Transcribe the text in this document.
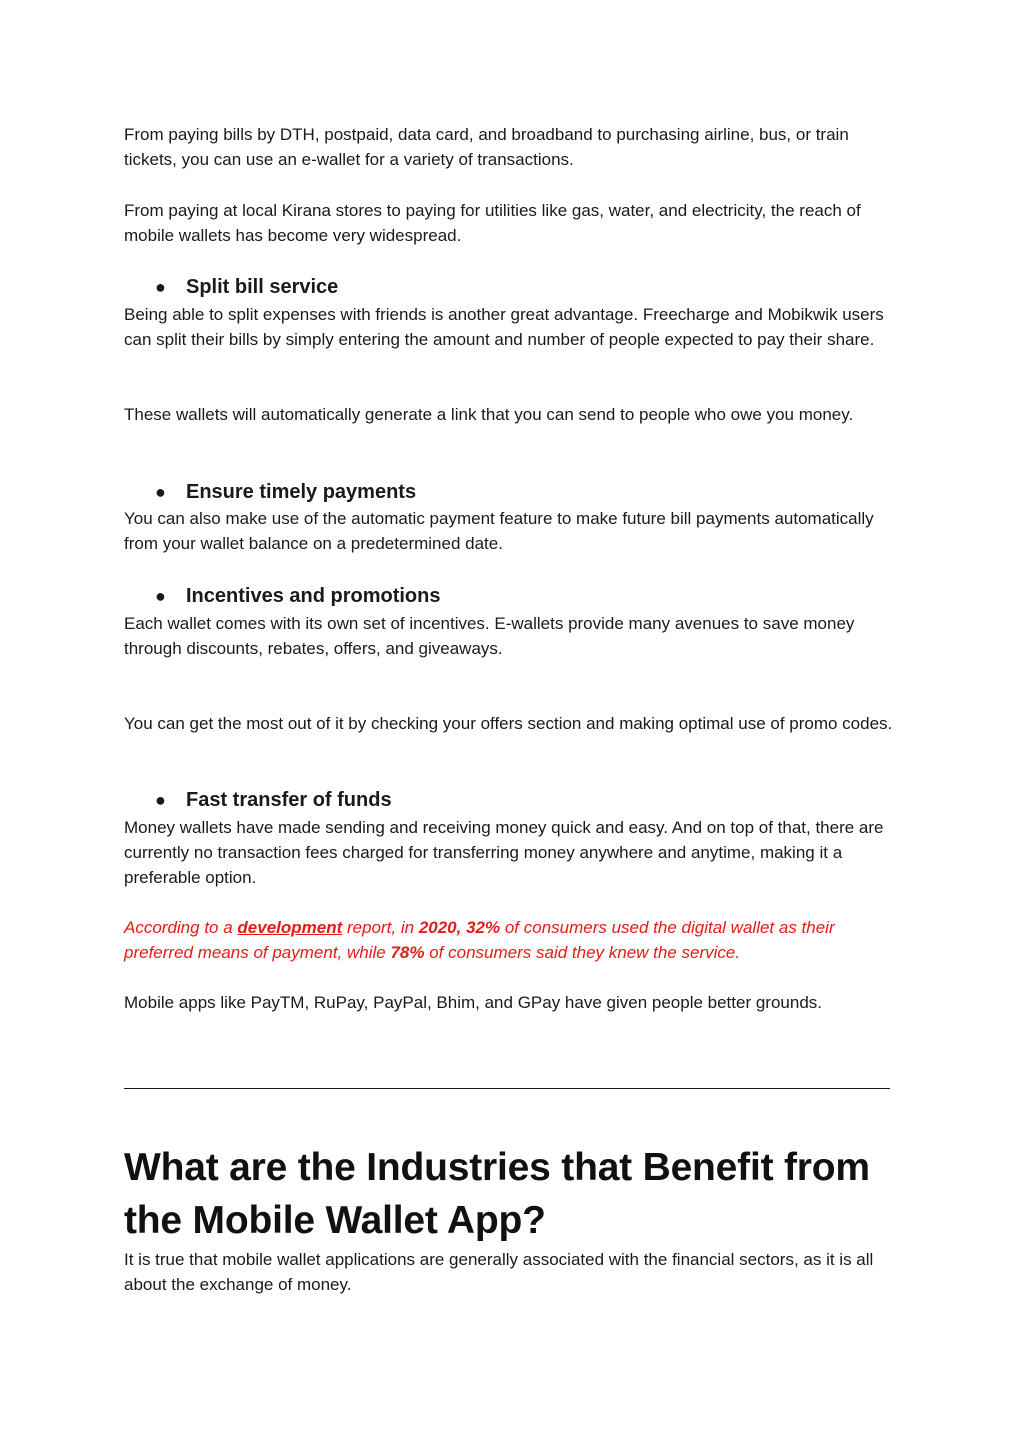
From paying bills by DTH, postpaid, data card, and broadband to purchasing airline, bus, or train tickets, you can use an e-wallet for a variety of transactions.

From paying at local Kirana stores to paying for utilities like gas, water, and electricity, the reach of mobile wallets has become very widespread.

● Split bill service

Being able to split expenses with friends is another great advantage. Freecharge and Mobikwik users can split their bills by simply entering the amount and number of people expected to pay their share.

These wallets will automatically generate a link that you can send to people who owe you money.

● Ensure timely payments

You can also make use of the automatic payment feature to make future bill payments automatically from your wallet balance on a predetermined date.

● Incentives and promotions

Each wallet comes with its own set of incentives. E-wallets provide many avenues to save money through discounts, rebates, offers, and giveaways.

You can get the most out of it by checking your offers section and making optimal use of promo codes.

● Fast transfer of funds

Money wallets have made sending and receiving money quick and easy. And on top of that, there are currently no transaction fees charged for transferring money anywhere and anytime, making it a preferable option.

According to a development report, in 2020, 32% of consumers used the digital wallet as their preferred means of payment, while 78% of consumers said they knew the service.

Mobile apps like PayTM, RuPay, PayPal, Bhim, and GPay have given people better grounds.

What are the Industries that Benefit from the Mobile Wallet App?

It is true that mobile wallet applications are generally associated with the financial sectors, as it is all about the exchange of money.
